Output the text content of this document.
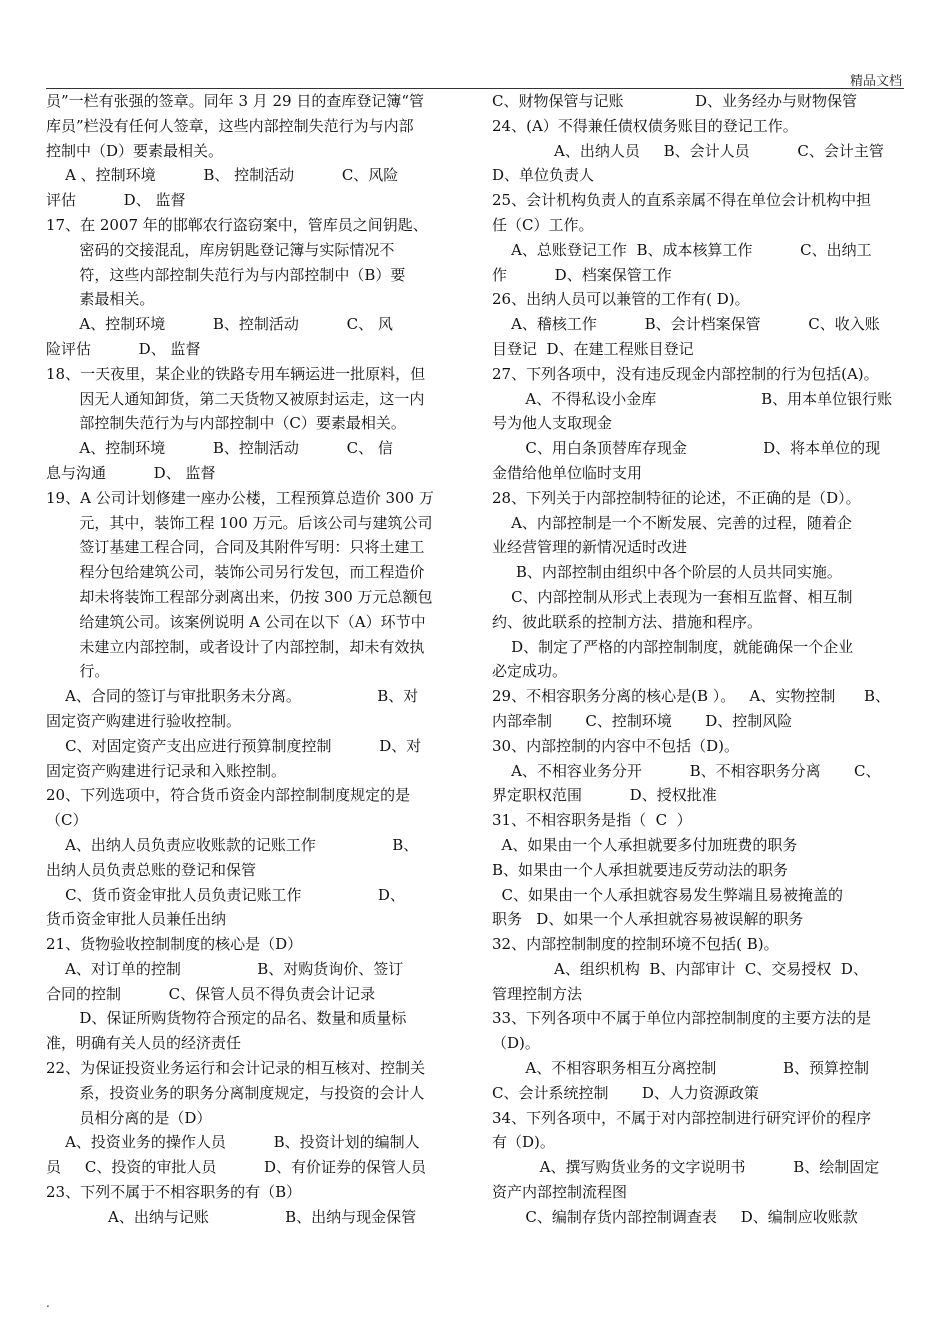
精品文档
员”一栏有张强的签章。同年 3 月 29 日的查库登记簿“管
库员”栏没有任何人签章，这些内部控制失范行为与内部
控制中（D）要素最相关。
A 、控制环境          B、 控制活动          C、风险
评估          D、 监督
17、在 2007 年的邯郸农行盗窃案中，管库员之间钥匙、
密码的交接混乱，库房钥匙登记簿与实际情况不
符，这些内部控制失范行为与内部控制中（B）要
素最相关。
A、控制环境          B、控制活动          C、 风
险评估          D、 监督
18、一天夜里，某企业的铁路专用车辆运进一批原料，但
因无人通知卸货，第二天货物又被原封运走，这一内
部控制失范行为与内部控制中（C）要素最相关。
A、控制环境          B、控制活动          C、 信
息与沟通          D、 监督
19、A 公司计划修建一座办公楼，工程预算总造价 300 万
元，其中，装饰工程 100 万元。后该公司与建筑公司
签订基建工程合同，合同及其附件写明：只将土建工
程分包给建筑公司，装饰公司另行发包，而工程造价
却未将装饰工程部分剥离出来，仍按 300 万元总额包
给建筑公司。该案例说明 A 公司在以下（A）环节中
未建立内部控制，或者设计了内部控制，却未有效执
行。
A、合同的签订与审批职务未分离。                B、对
固定资产购建进行验收控制。
C、对固定资产支出应进行预算制度控制          D、对
固定资产购建进行记录和入账控制。
20、下列选项中，符合货币资金内部控制制度规定的是
（C）
A、出纳人员负责应收账款的记账工作                B、
出纳人员负责总账的登记和保管
C、货币资金审批人员负责记账工作                D、
货币资金审批人员兼任出纳
21、货物验收控制制度的核心是（D）
A、对订单的控制                B、对购货询价、签订
合同的控制          C、保管人员不得负责会计记录
D、保证所购货物符合预定的品名、数量和质量标
准，明确有关人员的经济责任
22、为保证投资业务运行和会计记录的相互核对、控制关
系，投资业务的职务分离制度规定，与投资的会计人
员相分离的是（D）
A、投资业务的操作人员          B、投资计划的编制人
员     C、投资的审批人员          D、有价证券的保管人员
23、下列不属于不相容职务的有（B）
A、出纳与记账                B、出纳与现金保管
C、财物保管与记账               D、业务经办与财物保管
24、(A）不得兼任债权债务账目的登记工作。
A、出纳人员     B、会计人员          C、会计主管
D、单位负责人
25、会计机构负责人的直系亲属不得在单位会计机构中担
任（C）工作。
A、总账登记工作  B、成本核算工作          C、出纳工
作          D、档案保管工作
26、出纳人员可以兼管的工作有( D)。
A、稽核工作          B、会计档案保管          C、收入账
目登记  D、在建工程账目登记
27、下列各项中，没有违反现金内部控制的行为包括(A)。
A、不得私设小金库                      B、用本单位银行账
号为他人支取现金
C、用白条顶替库存现金                D、将本单位的现
金借给他单位临时支用
28、下列关于内部控制特征的论述，不正确的是（D）。
A、内部控制是一个不断发展、完善的过程，随着企
业经营管理的新情况适时改进
B、内部控制由组织中各个阶层的人员共同实施。
C、内部控制从形式上表现为一套相互监督、相互制
约、彼此联系的控制方法、措施和程序。
D、制定了严格的内部控制制度，就能确保一个企业
必定成功。
29、不相容职务分离的核心是(B ）。   A、实物控制      B、
内部牵制       C、控制环境       D、控制风险
30、内部控制的内容中不包括（D)。
A、不相容业务分开          B、不相容职务分离       C、
界定职权范围          D、授权批准
31、不相容职务是指（  C  ）
A、如果由一个人承担就要多付加班费的职务
B、如果由一个人承担就要违反劳动法的职务
C、如果由一个人承担就容易发生弊端且易被掩盖的
职务   D、如果一个人承担就容易被误解的职务
32、内部控制制度的控制环境不包括( B)。
A、组织机构  B、内部审计  C、交易授权  D、
管理控制方法
33、下列各项中不属于单位内部控制制度的主要方法的是
（D)。
A、不相容职务相互分离控制              B、预算控制
C、会计系统控制       D、人力资源政策
34、下列各项中，不属于对内部控制进行研究评价的程序
有（D)。
A、撰写购货业务的文字说明书          B、绘制固定
资产内部控制流程图
C、编制存货内部控制调查表     D、编制应收账款
.
